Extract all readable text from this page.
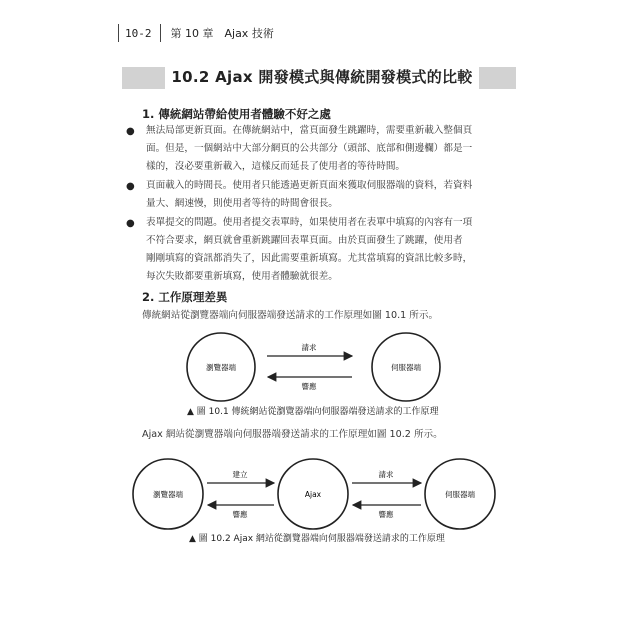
10-2 第 10 章　Ajax 技術
10.2 Ajax 開發模式與傳統開發模式的比較
1. 傳統網站帶給使用者體驗不好之處
● 無法局部更新頁面。在傳統網站中，當頁面發生跳躍時，需要重新載入整個頁
面。但是，一個網站中大部分網頁的公共部分（頭部、底部和側邊欄）都是一
樣的，沒必要重新載入，這樣反而延長了使用者的等待時間。
● 頁面載入的時間長。使用者只能透過更新頁面來獲取伺服器端的資料，若資料
量大、網速慢，則使用者等待的時間會很長。
● 表單提交的問題。使用者提交表單時，如果使用者在表單中填寫的內容有一項
不符合要求，網頁就會重新跳躍回表單頁面。由於頁面發生了跳躍，使用者
剛剛填寫的資訊都消失了，因此需要重新填寫。尤其當填寫的資訊比較多時，
每次失敗都要重新填寫，使用者體驗就很差。
2. 工作原理差異
傳統網站從瀏覽器端向伺服器端發送請求的工作原理如圖 10.1 所示。
瀏覽器端	伺服器端
請求
響應
瀏覽器端	Ajax	伺服器端
建立
響應
請求
響應
▲ 圖 10.1 傳統網站從瀏覽器端向伺服器端發送請求的工作原理
Ajax 網站從瀏覽器端向伺服器端發送請求的工作原理如圖 10.2 所示。
▲ 圖 10.2 Ajax 網站從瀏覽器端向伺服器端發送請求的工作原理
